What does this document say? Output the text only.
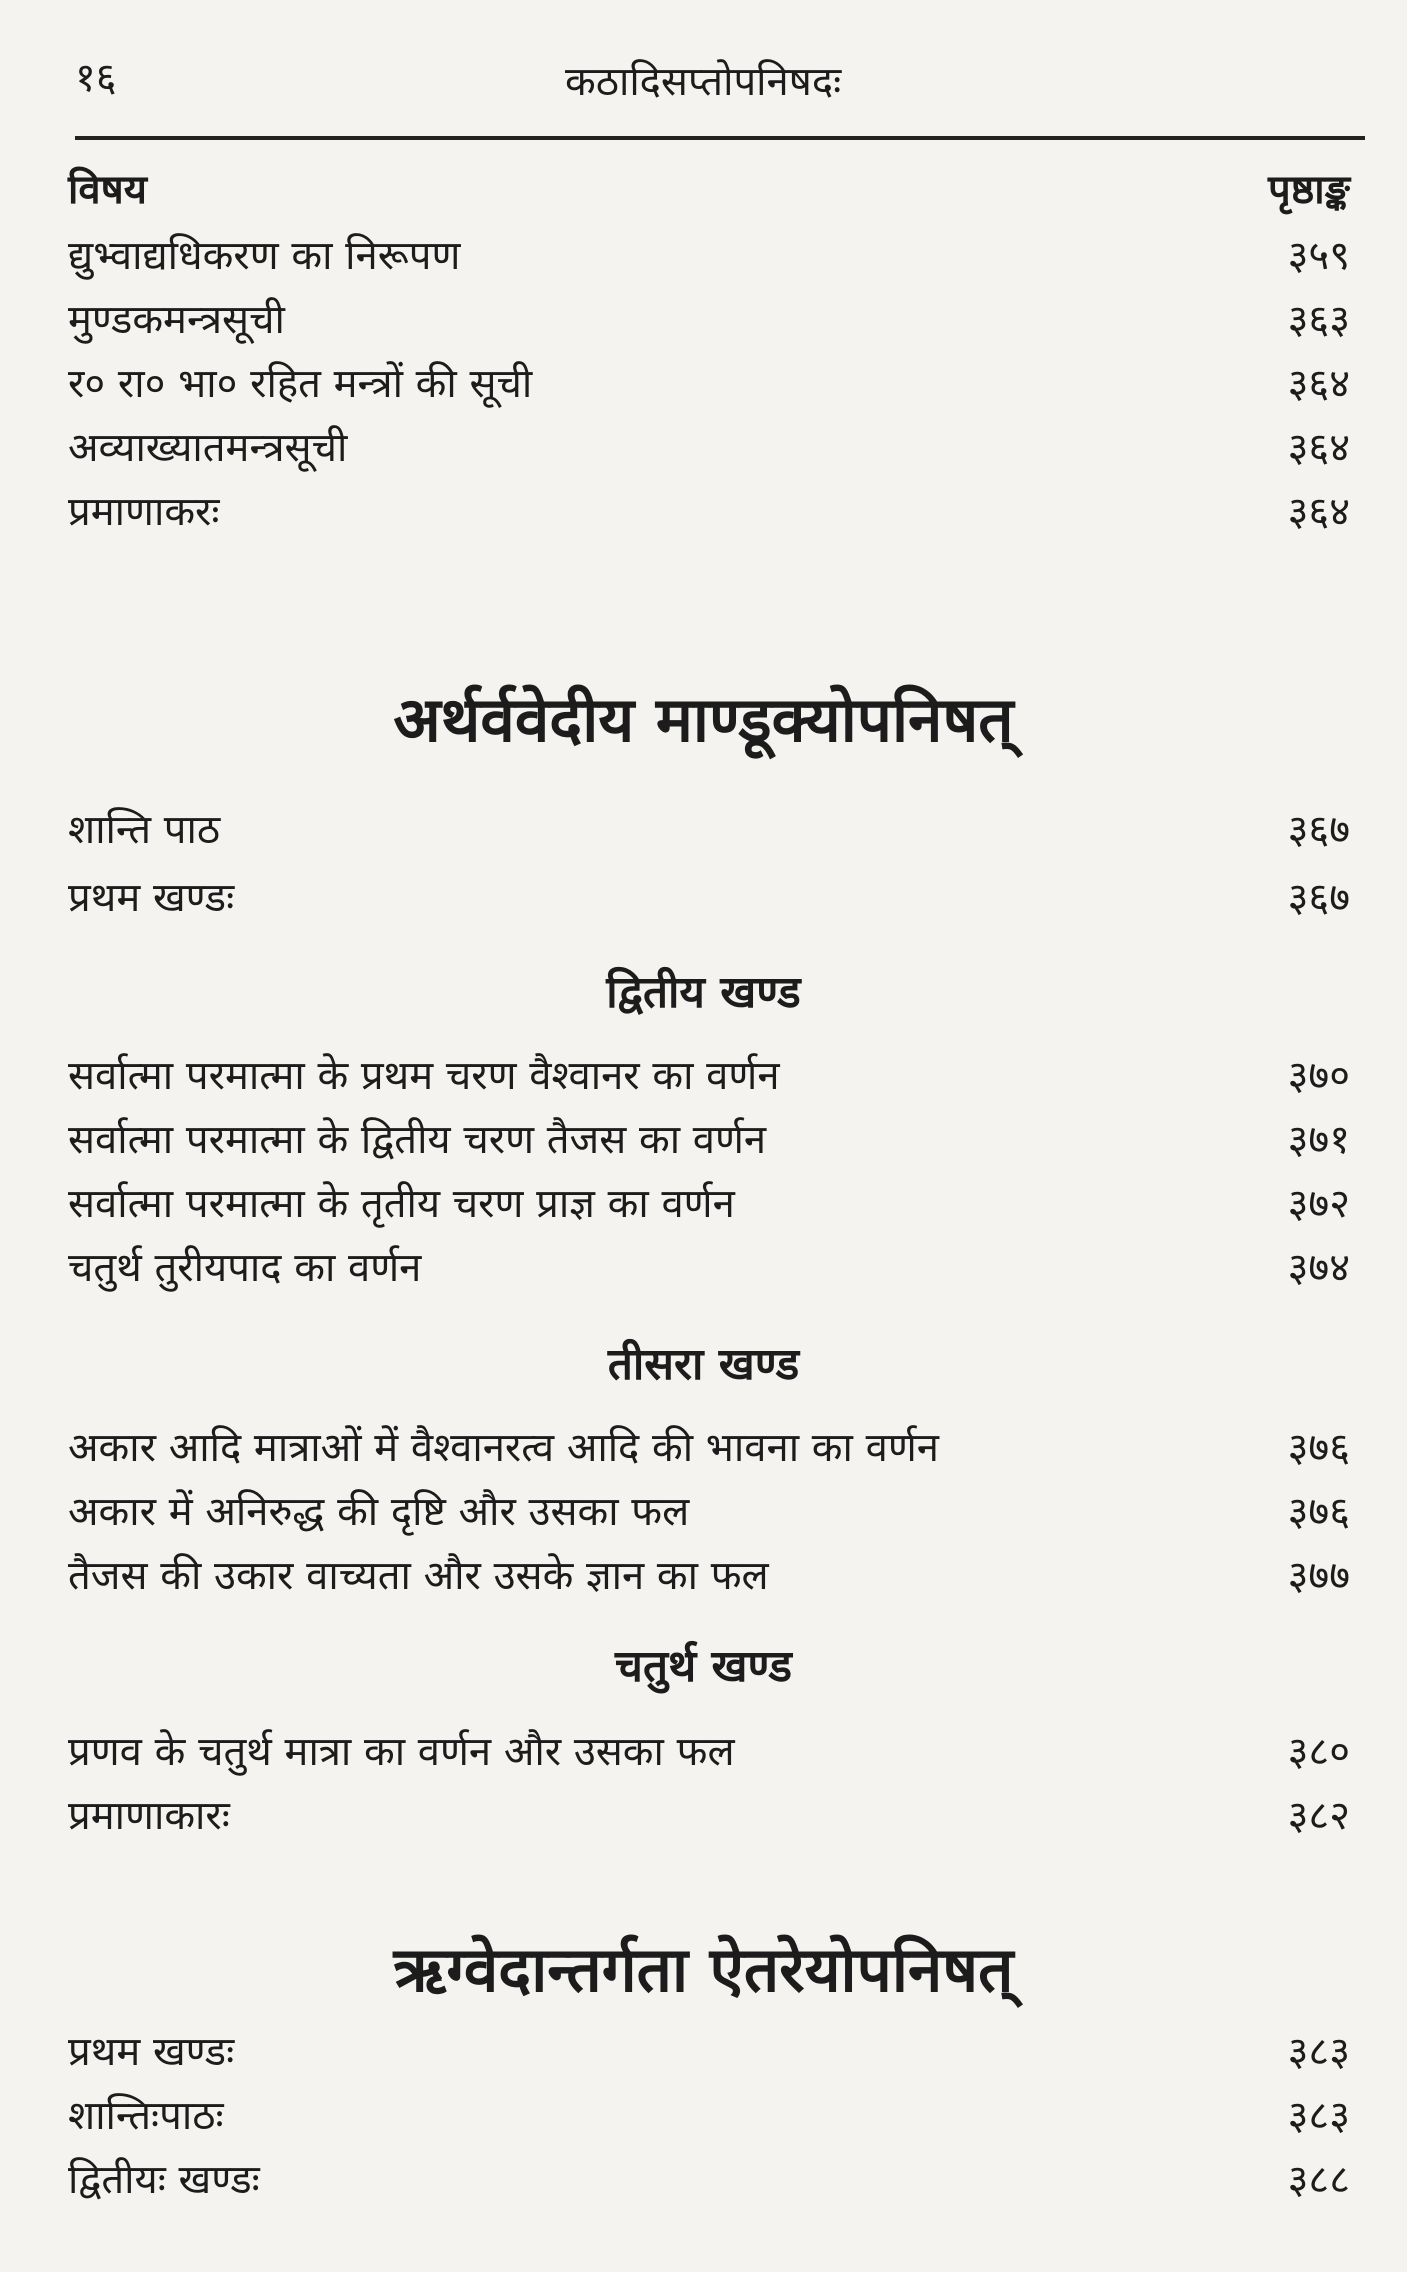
१६	कठादिसप्तोपनिषदः
विषय	पृष्ठाङ्क
द्युभ्वाद्यधिकरण का निरूपण	३५९
मुण्डकमन्त्रसूची	३६३
र० रा० भा० रहित मन्त्रों की सूची	३६४
अव्याख्यातमन्त्रसूची	३६४
प्रमाणाकरः	३६४
अर्थर्ववेदीय माण्डूक्योपनिषत्
शान्ति पाठ	३६७
प्रथम खण्डः	३६७
द्वितीय खण्ड
सर्वात्मा परमात्मा के प्रथम चरण वैश्वानर का वर्णन	३७०
सर्वात्मा परमात्मा के द्वितीय चरण तैजस का वर्णन	३७१
सर्वात्मा परमात्मा के तृतीय चरण प्राज्ञ का वर्णन	३७२
चतुर्थ तुरीयपाद का वर्णन	३७४
तीसरा खण्ड
अकार आदि मात्राओं में वैश्वानरत्व आदि की भावना का वर्णन	३७६
अकार में अनिरुद्ध की दृष्टि और उसका फल	३७६
तैजस की उकार वाच्यता और उसके ज्ञान का फल	३७७
चतुर्थ खण्ड
प्रणव के चतुर्थ मात्रा का वर्णन और उसका फल	३८०
प्रमाणाकारः	३८२
ऋग्वेदान्तर्गता ऐतरेयोपनिषत्
प्रथम खण्डः	३८३
शान्तिःपाठः	३८३
द्वितीयः खण्डः	३८८
